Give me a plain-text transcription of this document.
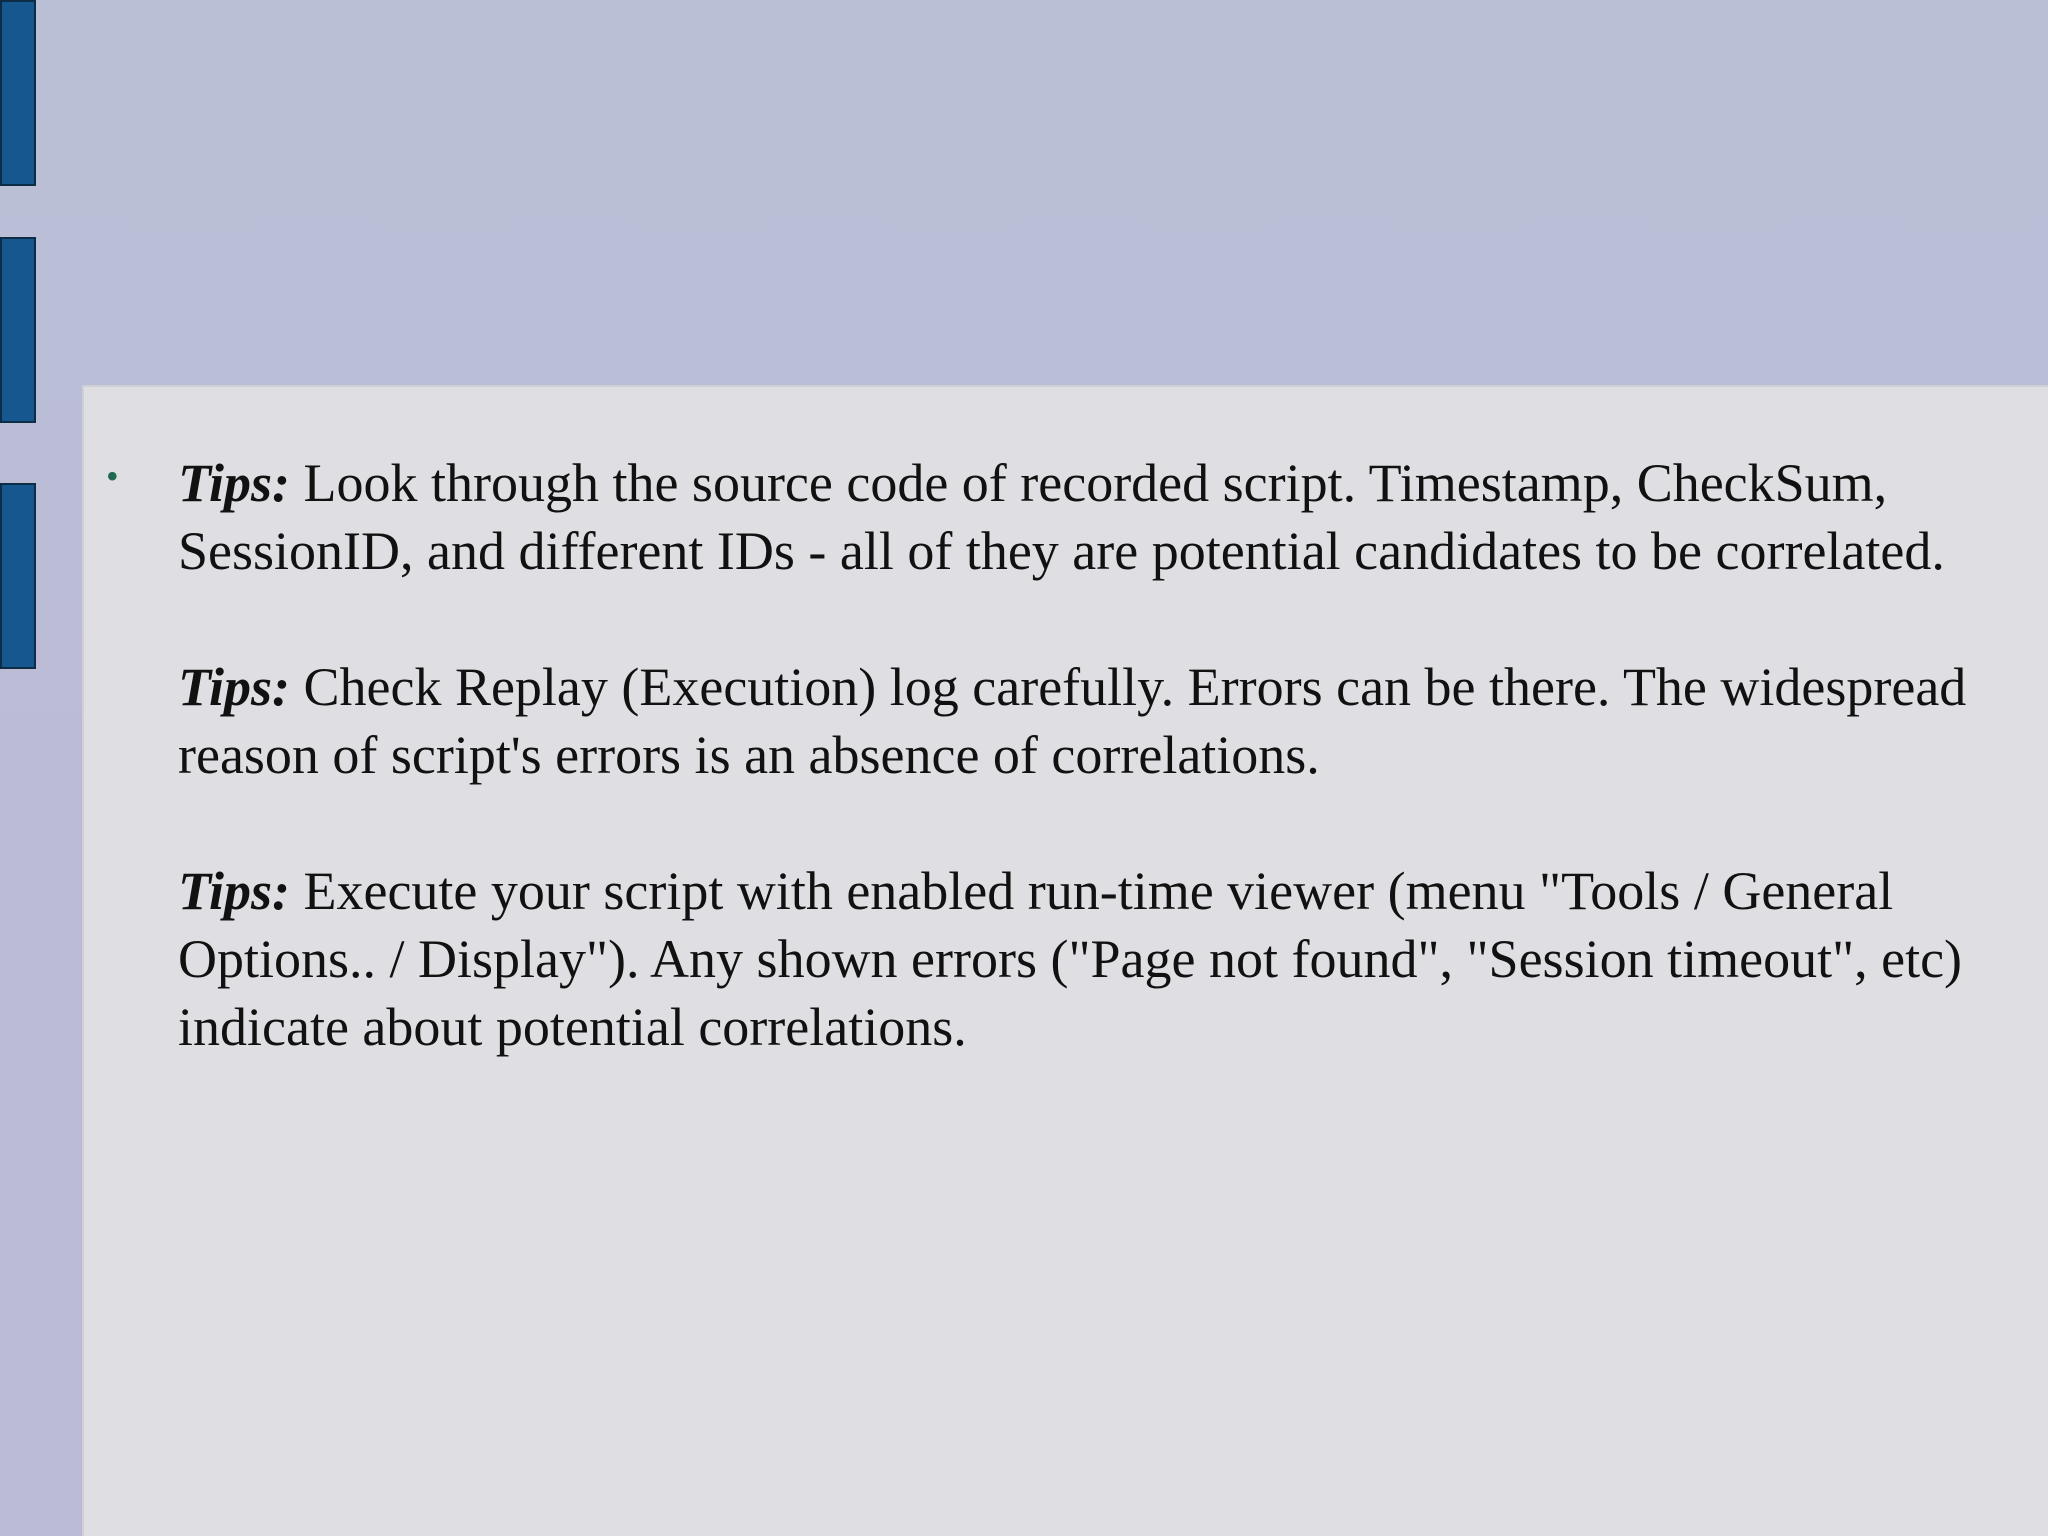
• Tips: Look through the source code of recorded script. Timestamp, CheckSum, SessionID, and different IDs - all of they are potential candidates to be correlated.

Tips: Check Replay (Execution) log carefully. Errors can be there. The widespread reason of script's errors is an absence of correlations.

Tips: Execute your script with enabled run-time viewer (menu "Tools / General Options.. / Display"). Any shown errors ("Page not found", "Session timeout", etc) indicate about potential correlations.
